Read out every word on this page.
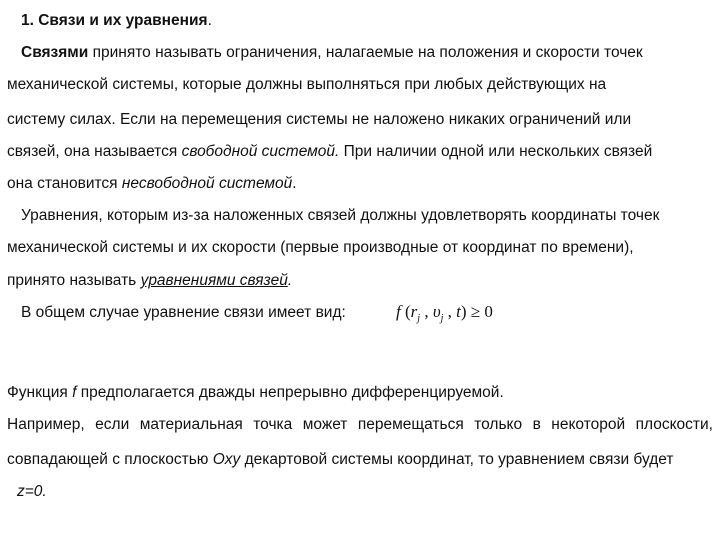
1. Связи и их уравнения.
Связями принято называть ограничения, налагаемые на положения и скорости точек
механической системы, которые должны выполняться при любых действующих на
систему силах. Если на перемещения системы не наложено никаких ограничений или
связей, она называется свободной системой. При наличии одной или нескольких связей
она становится несвободной системой.
Уравнения, которым из-за наложенных связей должны удовлетворять координаты точек
механической системы и их скорости (первые производные от координат по времени),
принято называть уравнениями связей.
В общем случае уравнение связи имеет вид:	f ($r_j$ , $\upsilon_j$ , t) ≥ 0
Функция f предполагается дважды непрерывно дифференцируемой.
Например, если материальная точка может перемещаться только в некоторой плоскости,
совпадающей с плоскостью Oxy декартовой системы координат, то уравнением связи будет
z=0.
